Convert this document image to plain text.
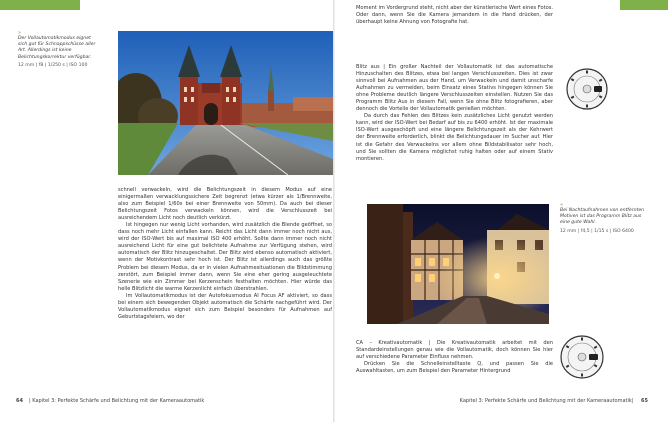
»
Der Vollautomatikmodus eignet sich gut für Schnappschüsse aller Art. Allerdings ist keine Belichtungskorrektur verfügbar.
12 mm | f8 | 1/250 s | ISO 100

schnell verwackeln, wird die Belichtungszeit in diesem Modus auf eine einigermaßen verwacklungssichere Zeit begrenzt (etwa kürzer als 1/Brennweite, also zum Beispiel 1/60s bei einer Brennweite von 50mm). Da auch bei dieser Belichtungszeit Fotos verwackeln können, wird die Verschlusszeit bei ausreichendem Licht noch deutlich verkürzt.

Ist hingegen nur wenig Licht vorhanden, wird zusätzlich die Blende geöffnet, so dass noch mehr Licht einfallen kann. Reicht das Licht dann immer noch nicht aus, wird der ISO-Wert bis auf maximal ISO 400 erhöht. Sollte dann immer noch nicht ausreichend Licht für eine gut belichtete Aufnahme zur Verfügung stehen, wird automatisch der Blitz hinzugeschaltet. Der Blitz wird ebenso automatisch aktiviert, wenn der Motivkontrast sehr hoch ist. Der Blitz ist allerdings auch das größte Problem bei diesem Modus, da er in vielen Aufnahmesituationen die Bildstimmung zerstört, zum Beispiel immer dann, wenn Sie eine eher gering ausgeleuchtete Szenerie wie ein Zimmer bei Kerzenschein festhalten möchten. Hier würde das helle Blitzlicht die warme Kerzenlicht einfach überstrahlen.

Im Vollautomatikmodus ist der Autofokusmodus AI Focus AF aktiviert, so dass bei einem sich bewegenden Objekt automatisch die Schärfe nachgeführt wird. Der Vollautomatikmodus eignet sich zum Beispiel besonders für Aufnahmen auf Geburtstagsfeiern, wo der

64 | Kapitel 3: Perfekte Schärfe und Belichtung mit der Kameraautomatik

Moment im Vordergrund steht, nicht aber der künstlerische Wert eines Fotos. Oder dann, wenn Sie die Kamera jemandem in die Hand drücken, der überhaupt keine Ahnung von Fotografie hat.

Blitz aus | Ein großer Nachteil der Vollautomatik ist das automatische Hinzuschalten des Blitzes, etwa bei langen Verschlusszeiten. Dies ist zwar sinnvoll bei Aufnahmen aus der Hand, um Verwackeln und damit unscharfe Aufnahmen zu vermeiden, beim Einsatz eines Stativs hingegen können Sie ohne Probleme deutlich längere Verschlusszeiten einstellen. Nutzen Sie das Programm Blitz Aus in diesem Fall, wenn Sie ohne Blitz fotografieren, aber dennoch die Vorteile der Vollautomatik genießen möchten.

Da durch das Fehlen des Blitzes kein zusätzliches Licht genutzt werden kann, wird der ISO-Wert bei Bedarf auf bis zu 6400 erhöht. Ist der maximale ISO-Wert ausgeschöpft und eine längere Belichtungszeit als der Kehrwert der Brennweite erforderlich, blinkt die Belichtungsdauer im Sucher auf. Hier ist die Gefahr des Verwackelns vor allem ohne Bildstabilisator sehr hoch, und Sie sollten die Kamera möglichst ruhig halten oder auf einem Stativ montieren.

«
Bei Nachtaufnahmen von entfernten Motiven ist das Programm Blitz aus eine gute Wahl.
12 mm | f4,5 | 1/15 s | ISO 6400

CA – Kreativautomatik | Die Kreativautomatik arbeitet mit den Standardeinstellungen genau wie die Vollautomatik, doch können Sie hier auf verschiedene Parameter Einfluss nehmen.

Drücken Sie die Schnelleinstelltaste Q, und passen Sie die Auswahltasten, um zum Beispiel den Parameter Hintergrund

Kapitel 3: Perfekte Schärfe und Belichtung mit der Kameraautomatik| 65
